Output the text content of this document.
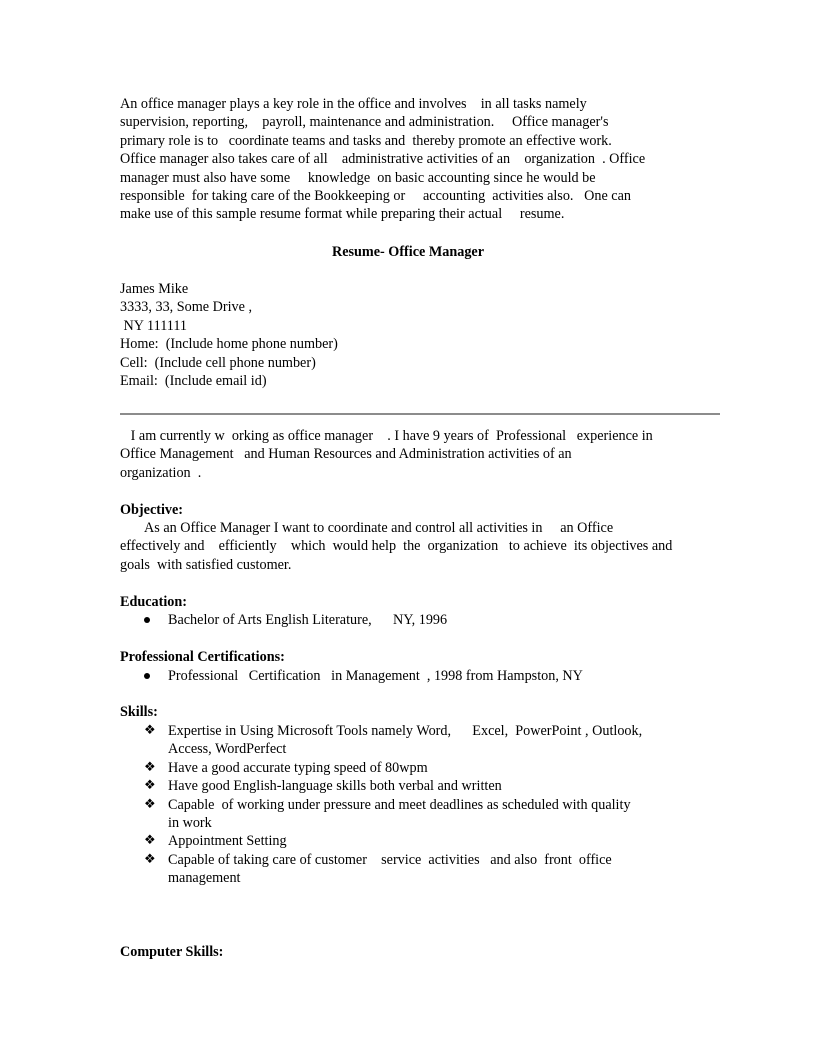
An office manager plays a key role in the office and involves    in all tasks namely
supervision, reporting,    payroll, maintenance and administration.     Office manager's
primary role is to   coordinate teams and tasks and  thereby promote an effective work.
Office manager also takes care of all    administrative activities of an    organization  . Office
manager must also have some     knowledge  on basic accounting since he would be
responsible  for taking care of the Bookkeeping or     accounting  activities also.   One can
make use of this sample resume format while preparing their actual     resume.
Resume- Office Manager
James Mike
3333, 33, Some Drive ,
NY 111111
Home:  (Include home phone number)
Cell:  (Include cell phone number)
Email:  (Include email id)
I am currently w  orking as office manager    . I have 9 years of  Professional   experience in
Office Management   and Human Resources and Administration activities of an
organization  .
Objective:
As an Office Manager I want to coordinate and control all activities in     an Office
effectively and    efficiently    which  would help  the  organization   to achieve  its objectives and
goals  with satisfied customer.
Education:
Bachelor of Arts English Literature,      NY, 1996
Professional Certifications:
Professional   Certification   in Management  , 1998 from Hampston, NY
Skills:
❖ Expertise in Using Microsoft Tools namely Word,      Excel,  PowerPoint , Outlook,
Access, WordPerfect
❖ Have a good accurate typing speed of 80wpm
❖ Have good English-language skills both verbal and written
❖ Capable  of working under pressure and meet deadlines as scheduled with quality
in work
❖ Appointment Setting
❖ Capable of taking care of customer    service  activities   and also  front  office
management
Computer Skills:
